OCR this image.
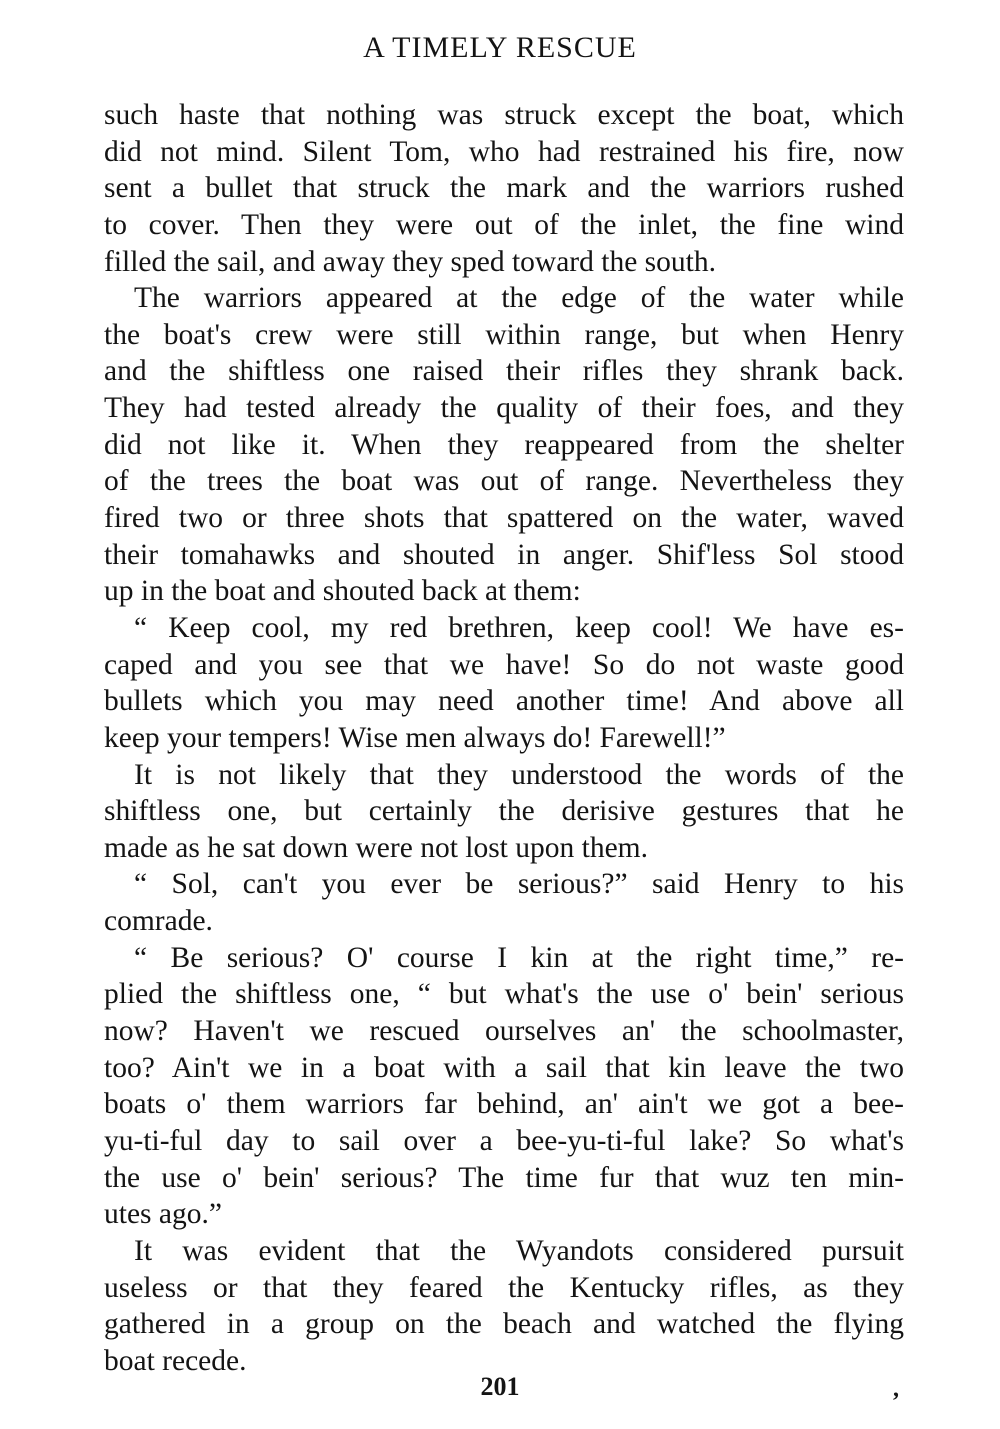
A TIMELY RESCUE
such haste that nothing was struck except the boat, which
did not mind. Silent Tom, who had restrained his fire, now
sent a bullet that struck the mark and the warriors rushed
to cover. Then they were out of the inlet, the fine wind
filled the sail, and away they sped toward the south.
The warriors appeared at the edge of the water while
the boat's crew were still within range, but when Henry
and the shiftless one raised their rifles they shrank back.
They had tested already the quality of their foes, and they
did not like it. When they reappeared from the shelter
of the trees the boat was out of range. Nevertheless they
fired two or three shots that spattered on the water, waved
their tomahawks and shouted in anger. Shif'less Sol stood
up in the boat and shouted back at them:
“ Keep cool, my red brethren, keep cool! We have es-
caped and you see that we have! So do not waste good
bullets which you may need another time! And above all
keep your tempers! Wise men always do! Farewell!”
It is not likely that they understood the words of the
shiftless one, but certainly the derisive gestures that he
made as he sat down were not lost upon them.
“ Sol, can't you ever be serious?” said Henry to his
comrade.
“ Be serious? O' course I kin at the right time,” re-
plied the shiftless one, “ but what's the use o' bein' serious
now? Haven't we rescued ourselves an' the schoolmaster,
too? Ain't we in a boat with a sail that kin leave the two
boats o' them warriors far behind, an' ain't we got a bee-
yu-ti-ful day to sail over a bee-yu-ti-ful lake? So what's
the use o' bein' serious? The time fur that wuz ten min-
utes ago.”
It was evident that the Wyandots considered pursuit
useless or that they feared the Kentucky rifles, as they
gathered in a group on the beach and watched the flying
boat recede.
201	,
